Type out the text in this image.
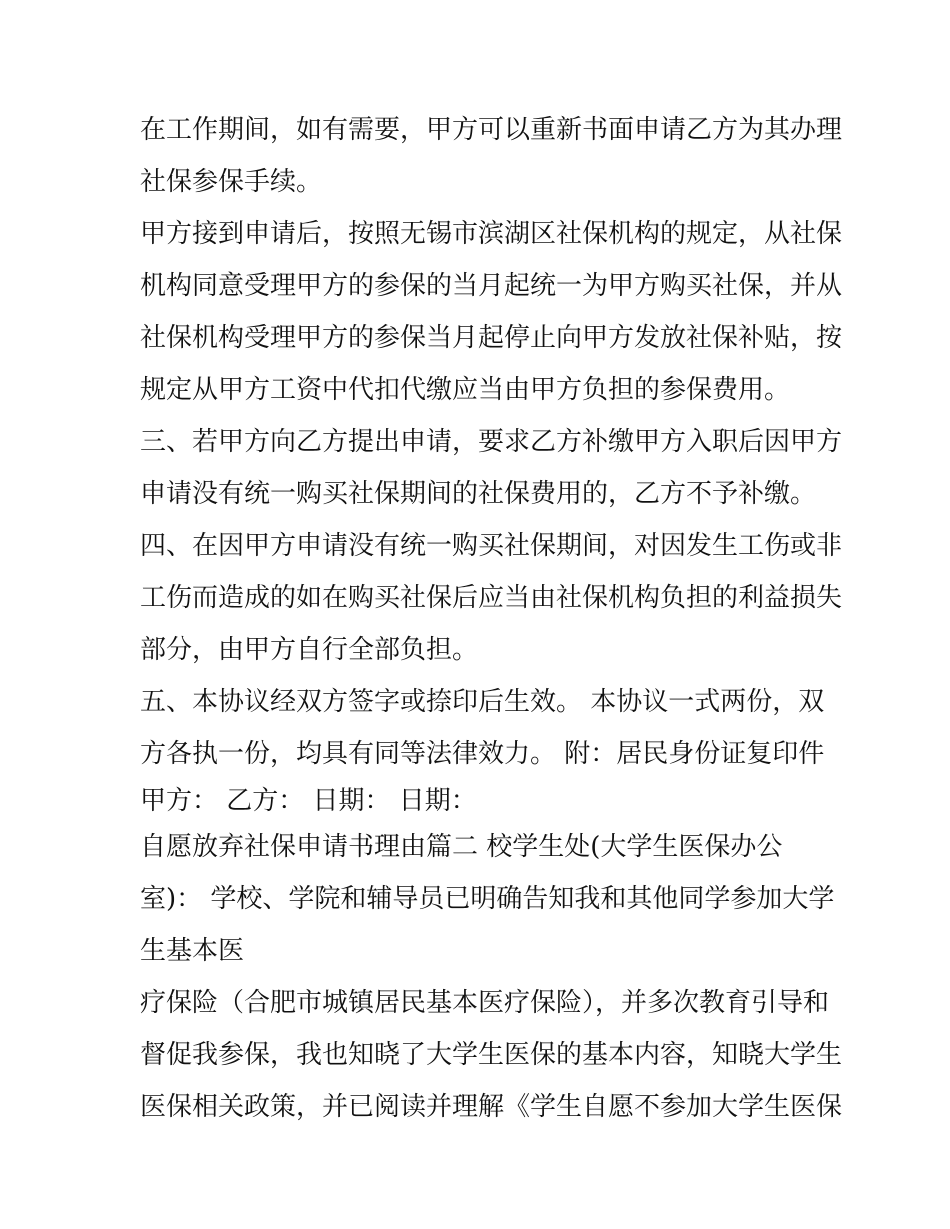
在工作期间，如有需要，甲方可以重新书面申请乙方为其办理
社保参保手续。
甲方接到申请后，按照无锡市滨湖区社保机构的规定，从社保
机构同意受理甲方的参保的当月起统一为甲方购买社保，并从
社保机构受理甲方的参保当月起停止向甲方发放社保补贴，按
规定从甲方工资中代扣代缴应当由甲方负担的参保费用。
三、若甲方向乙方提出申请，要求乙方补缴甲方入职后因甲方
申请没有统一购买社保期间的社保费用的，乙方不予补缴。
四、在因甲方申请没有统一购买社保期间，对因发生工伤或非
工伤而造成的如在购买社保后应当由社保机构负担的利益损失
部分，由甲方自行全部负担。
五、本协议经双方签字或捺印后生效。 本协议一式两份，双
方各执一份，均具有同等法律效力。 附：居民身份证复印件
甲方： 乙方： 日期： 日期：
自愿放弃社保申请书理由篇二 校学生处(大学生医保办公
室)： 学校、学院和辅导员已明确告知我和其他同学参加大学
生基本医
疗保险（合肥市城镇居民基本医疗保险），并多次教育引导和
督促我参保，我也知晓了大学生医保的基本内容，知晓大学生
医保相关政策，并已阅读并理解《学生自愿不参加大学生医保
